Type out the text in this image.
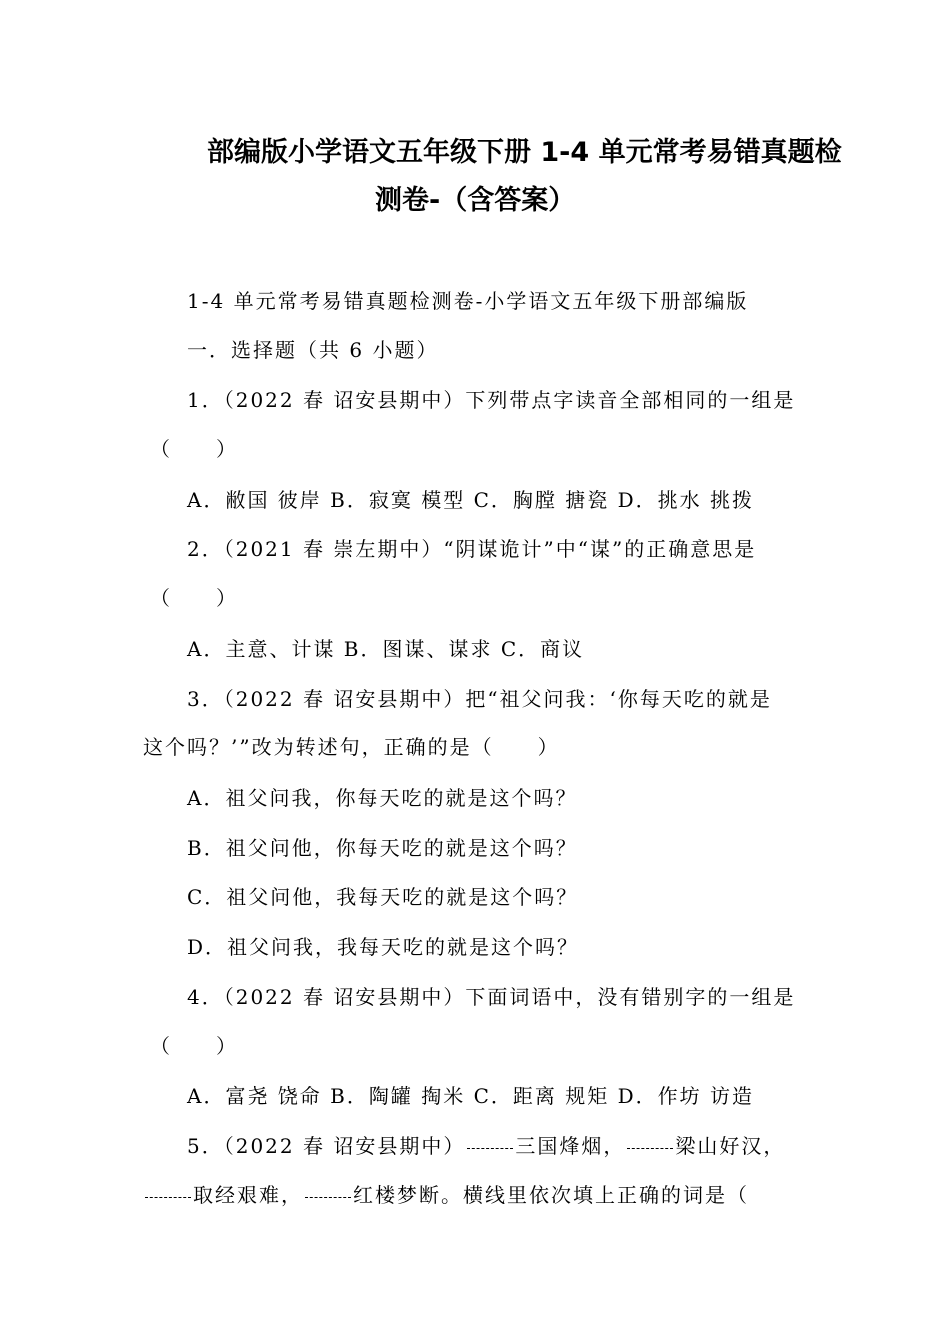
部编版小学语文五年级下册 1-4 单元常考易错真题检
测卷-（含答案）
1-4 单元常考易错真题检测卷-小学语文五年级下册部编版
一．选择题（共 6 小题）
1．（2022 春 诏安县期中）下列带点字读音全部相同的一组是
（　　）
A．敝国 彼岸 B．寂寞 模型 C．胸膛 搪瓷 D．挑水 挑拨
2．（2021 春 崇左期中）“阴谋诡计”中“谋”的正确意思是
（　　）
A．主意、计谋 B．图谋、谋求 C．商议
3．（2022 春 诏安县期中）把“祖父问我：‘你每天吃的就是
这个吗？’”改为转述句，正确的是（　　）
A．祖父问我，你每天吃的就是这个吗？
B．祖父问他，你每天吃的就是这个吗？
C．祖父问他，我每天吃的就是这个吗？
D．祖父问我，我每天吃的就是这个吗？
4．（2022 春 诏安县期中）下面词语中，没有错别字的一组是
（　　）
A．富尧 饶命 B．陶罐 掏米 C．距离 规矩 D．作坊 访造
5．（2022 春 诏安县期中）	三国烽烟，	梁山好汉，
取经艰难，	红楼梦断。横线里依次填上正确的词是（
